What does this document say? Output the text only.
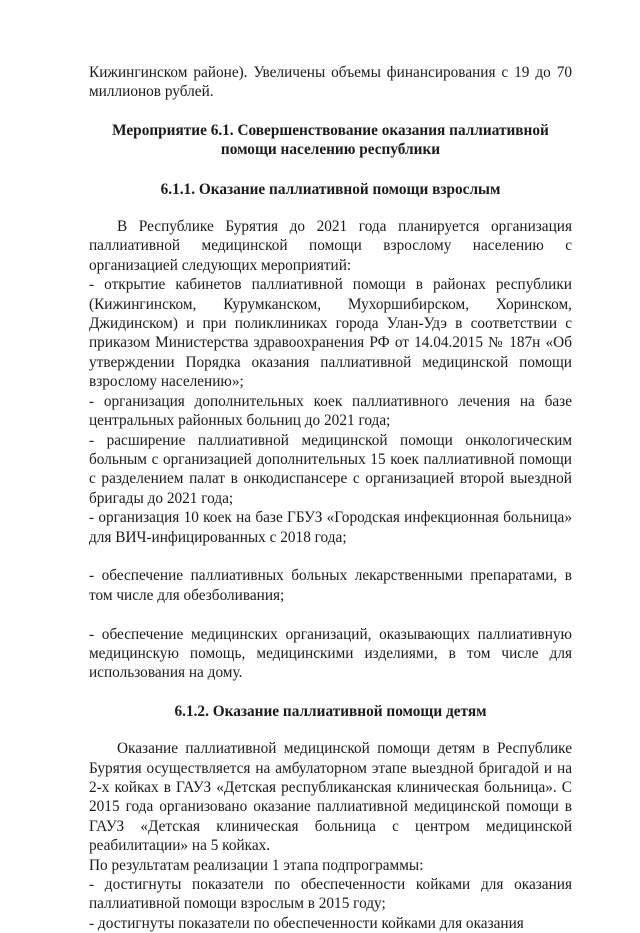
Кижингинском районе). Увеличены объемы финансирования с 19 до 70 миллионов рублей.

Мероприятие 6.1. Совершенствование оказания паллиативной помощи населению республики
6.1.1. Оказание паллиативной помощи взрослым

В Республике Бурятия до 2021 года планируется организация паллиативной медицинской помощи взрослому населению с организацией следующих мероприятий:

- открытие кабинетов паллиативной помощи в районах республики (Кижингинском, Курумканском, Мухоршибирском, Хоринском, Джидинском) и при поликлиниках города Улан-Удэ в соответствии с приказом Министерства здравоохранения РФ от 14.04.2015 № 187н «Об утверждении Порядка оказания паллиативной медицинской помощи взрослому населению»;

- организация дополнительных коек паллиативного лечения на базе центральных районных больниц до 2021 года;

- расширение паллиативной медицинской помощи онкологическим больным с организацией дополнительных 15 коек паллиативной помощи с разделением палат в онкодиспансере с организацией второй выездной бригады до 2021 года;

- организация 10 коек на базе ГБУЗ «Городская инфекционная больница» для ВИЧ-инфицированных с 2018 года;

- обеспечение паллиативных больных лекарственными препаратами, в том числе для обезболивания;

- обеспечение медицинских организаций, оказывающих паллиативную медицинскую помощь, медицинскими изделиями, в том числе для использования на дому.

6.1.2. Оказание паллиативной помощи детям

Оказание паллиативной медицинской помощи детям в Республике Бурятия осуществляется на амбулаторном этапе выездной бригадой и на 2-х койках в ГАУЗ «Детская республиканская клиническая больница». С 2015 года организовано оказание паллиативной медицинской помощи в ГАУЗ «Детская клиническая больница с центром медицинской реабилитации» на 5 койках.

По результатам реализации 1 этапа подпрограммы:

- достигнуты показатели по обеспеченности койками для оказания паллиативной помощи взрослым в 2015 году;

- достигнуты показатели по обеспеченности койками для оказания
